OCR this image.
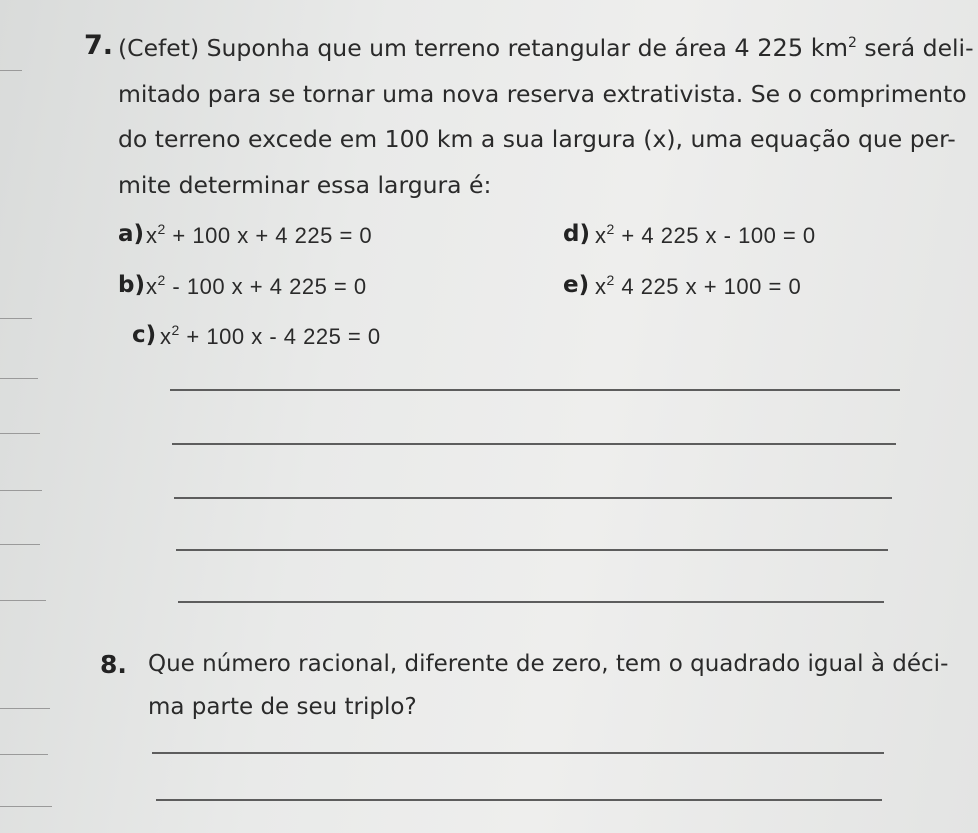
7. (Cefet) Suponha que um terreno retangular de área 4 225 $km^2$ será deli-
mitado para se tornar uma nova reserva extrativista. Se o comprimento
do terreno excede em 100 km a sua largura (x), uma equação que per-
mite determinar essa largura é:
a) $x^2 + 100$ x + 4 225 = 0	d) $x^2 + 4$ 225 x - 100 = 0
b) $x^2 - 100$ x + 4 225 = 0	e) $x^2$ 4 225 x + 100 = 0
c) $x^2 + 100$ x - 4 225 = 0
8. Que número racional, diferente de zero, tem o quadrado igual à déci-
ma parte de seu triplo?
